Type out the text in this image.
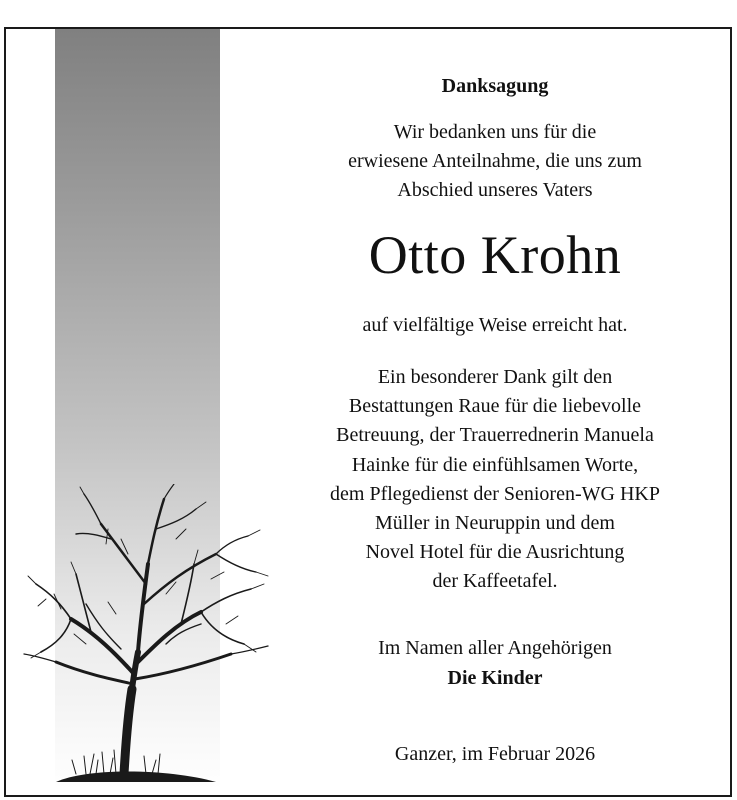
Danksagung
Wir bedanken uns für die
erwiesene Anteilnahme, die uns zum
Abschied unseres Vaters
Otto Krohn
auf vielfältige Weise erreicht hat.
Ein besonderer Dank gilt den
Bestattungen Raue für die liebevolle
Betreuung, der Trauerrednerin Manuela
Hainke für die einfühlsamen Worte,
dem Pflegedienst der Senioren-WG HKP
Müller in Neuruppin und dem
Novel Hotel für die Ausrichtung
der Kaffeetafel.
Im Namen aller Angehörigen
Die Kinder
Ganzer, im Februar 2026
